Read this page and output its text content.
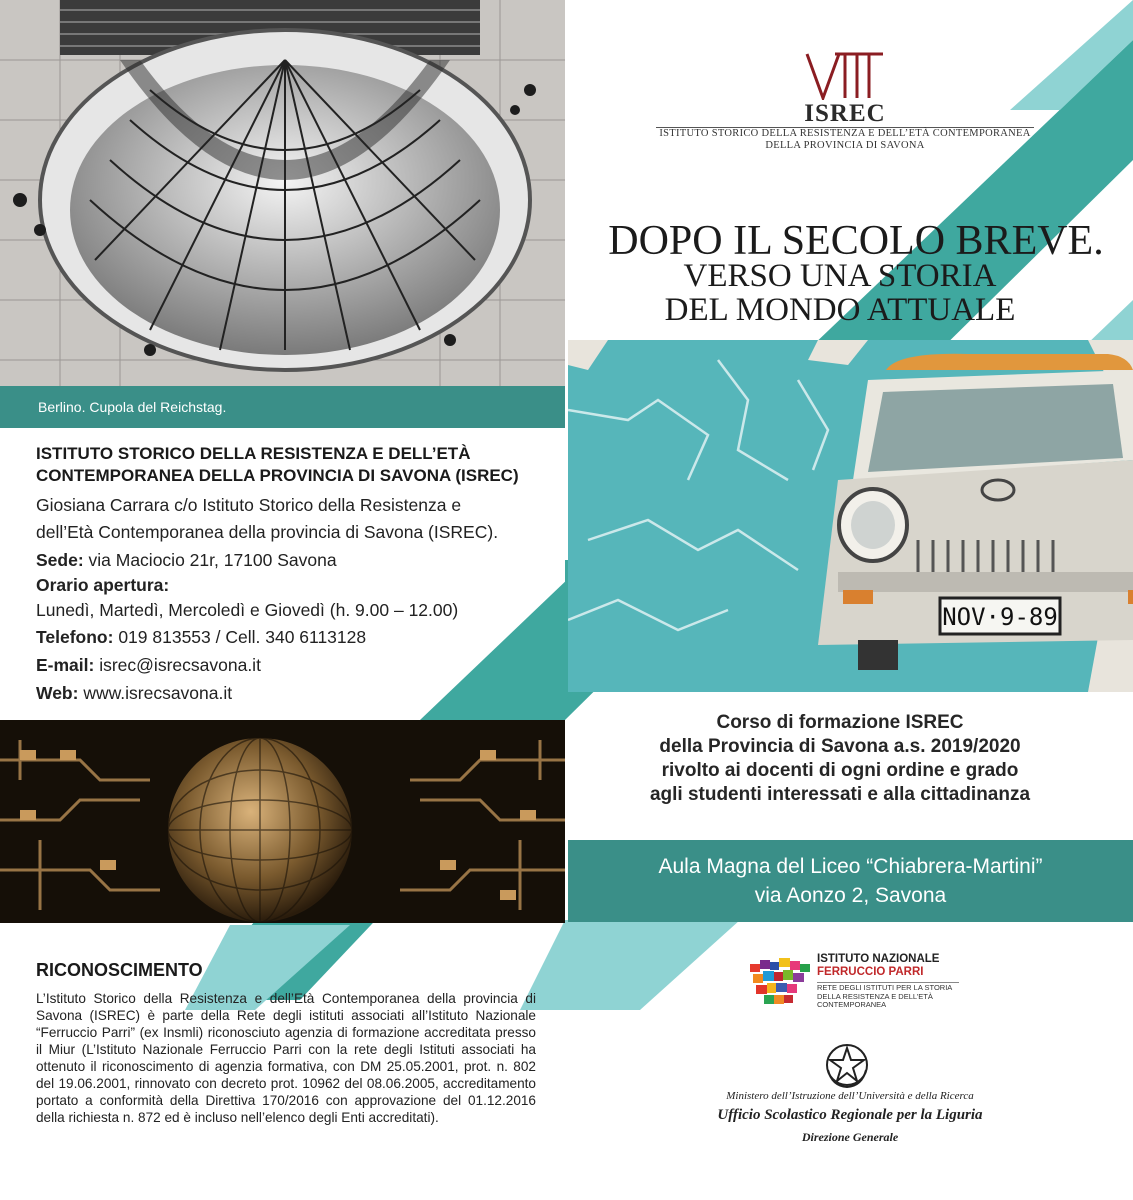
Berlino. Cupola del Reichstag.
ISTITUTO STORICO DELLA RESISTENZA E DELL’ETÀ
CONTEMPORANEA DELLA PROVINCIA DI SAVONA (ISREC)
Giosiana Carrara c/o Istituto Storico della Resistenza e
dell’Età Contemporanea della provincia di Savona (ISREC).
Sede: via Maciocio 21r, 17100 Savona
Orario apertura:
Lunedì, Martedì, Mercoledì e Giovedì (h. 9.00 – 12.00)
Telefono: 019 813553 / Cell. 340 6113128
E-mail: isrec@isrecsavona.it
Web: www.isrecsavona.it
RICONOSCIMENTO
L’Istituto Storico della Resistenza e dell’Età Contemporanea della provincia di Savona (ISREC) è parte della Rete degli istituti associati all’Istituto Nazionale “Ferruccio Parri” (ex Insmli) riconosciuto agenzia di formazione accreditata presso il Miur (L’Istituto Nazionale Ferruccio Parri con la rete degli Istituti associati ha ottenuto il riconoscimento di agenzia formativa, con DM 25.05.2001, prot. n. 802 del 19.06.2001, rinnovato con decreto prot. 10962 del 08.06.2005, accreditamento portato a conformità della Direttiva 170/2016 con approvazione del 01.12.2016 della richiesta n. 872 ed è incluso nell’elenco degli Enti accreditati).
ISREC
ISTITUTO STORICO DELLA RESISTENZA E DELL’ETÀ CONTEMPORANEA
DELLA PROVINCIA DI SAVONA
DOPO IL SECOLO BREVE.
VERSO UNA STORIA
DEL MONDO ATTUALE
NOV·9-89
Corso di formazione ISREC
della Provincia di Savona a.s. 2019/2020
rivolto ai docenti di ogni ordine e grado
agli studenti interessati e alla cittadinanza
Aula Magna del Liceo “Chiabrera-Martini”
via Aonzo 2, Savona
ISTITUTO NAZIONALE
FERRUCCIO PARRI
RETE DEGLI ISTITUTI PER LA STORIA DELLA RESISTENZA E DELL’ETÀ CONTEMPORANEA
Ministero dell’Istruzione dell’Università e della Ricerca
Ufficio Scolastico Regionale per la Liguria
Direzione Generale
